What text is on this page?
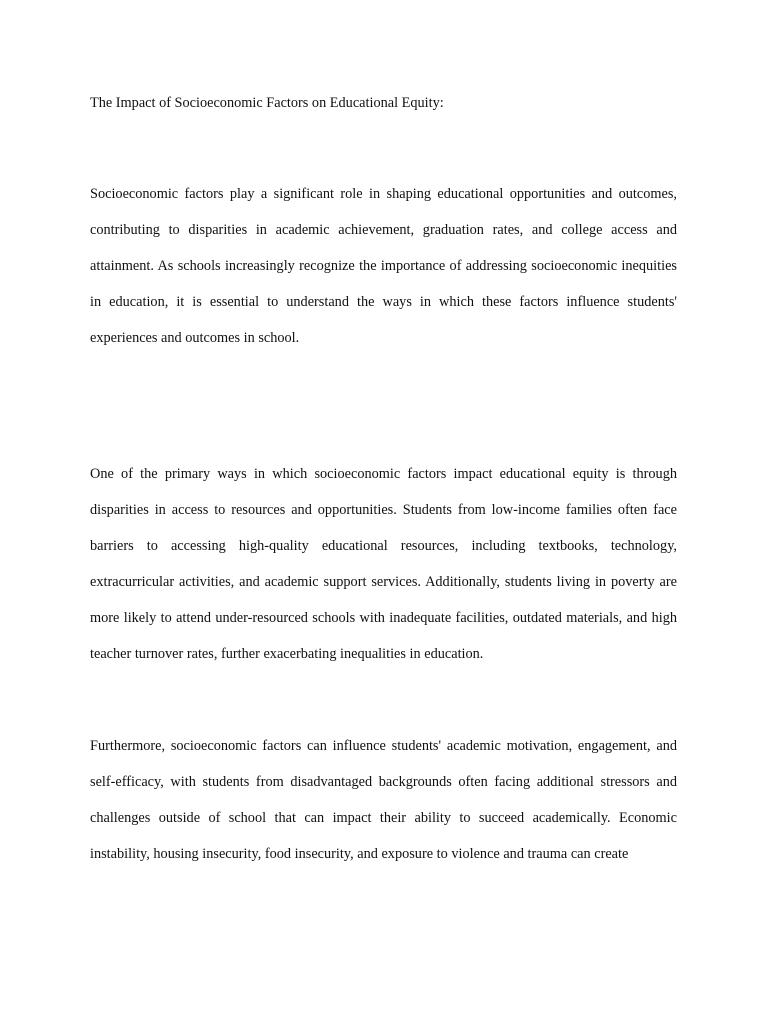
The Impact of Socioeconomic Factors on Educational Equity:

Socioeconomic factors play a significant role in shaping educational opportunities and outcomes, contributing to disparities in academic achievement, graduation rates, and college access and attainment. As schools increasingly recognize the importance of addressing socioeconomic inequities in education, it is essential to understand the ways in which these factors influence students' experiences and outcomes in school.

One of the primary ways in which socioeconomic factors impact educational equity is through disparities in access to resources and opportunities. Students from low-income families often face barriers to accessing high-quality educational resources, including textbooks, technology, extracurricular activities, and academic support services. Additionally, students living in poverty are more likely to attend under-resourced schools with inadequate facilities, outdated materials, and high teacher turnover rates, further exacerbating inequalities in education.

Furthermore, socioeconomic factors can influence students' academic motivation, engagement, and self-efficacy, with students from disadvantaged backgrounds often facing additional stressors and challenges outside of school that can impact their ability to succeed academically. Economic instability, housing insecurity, food insecurity, and exposure to violence and trauma can create
